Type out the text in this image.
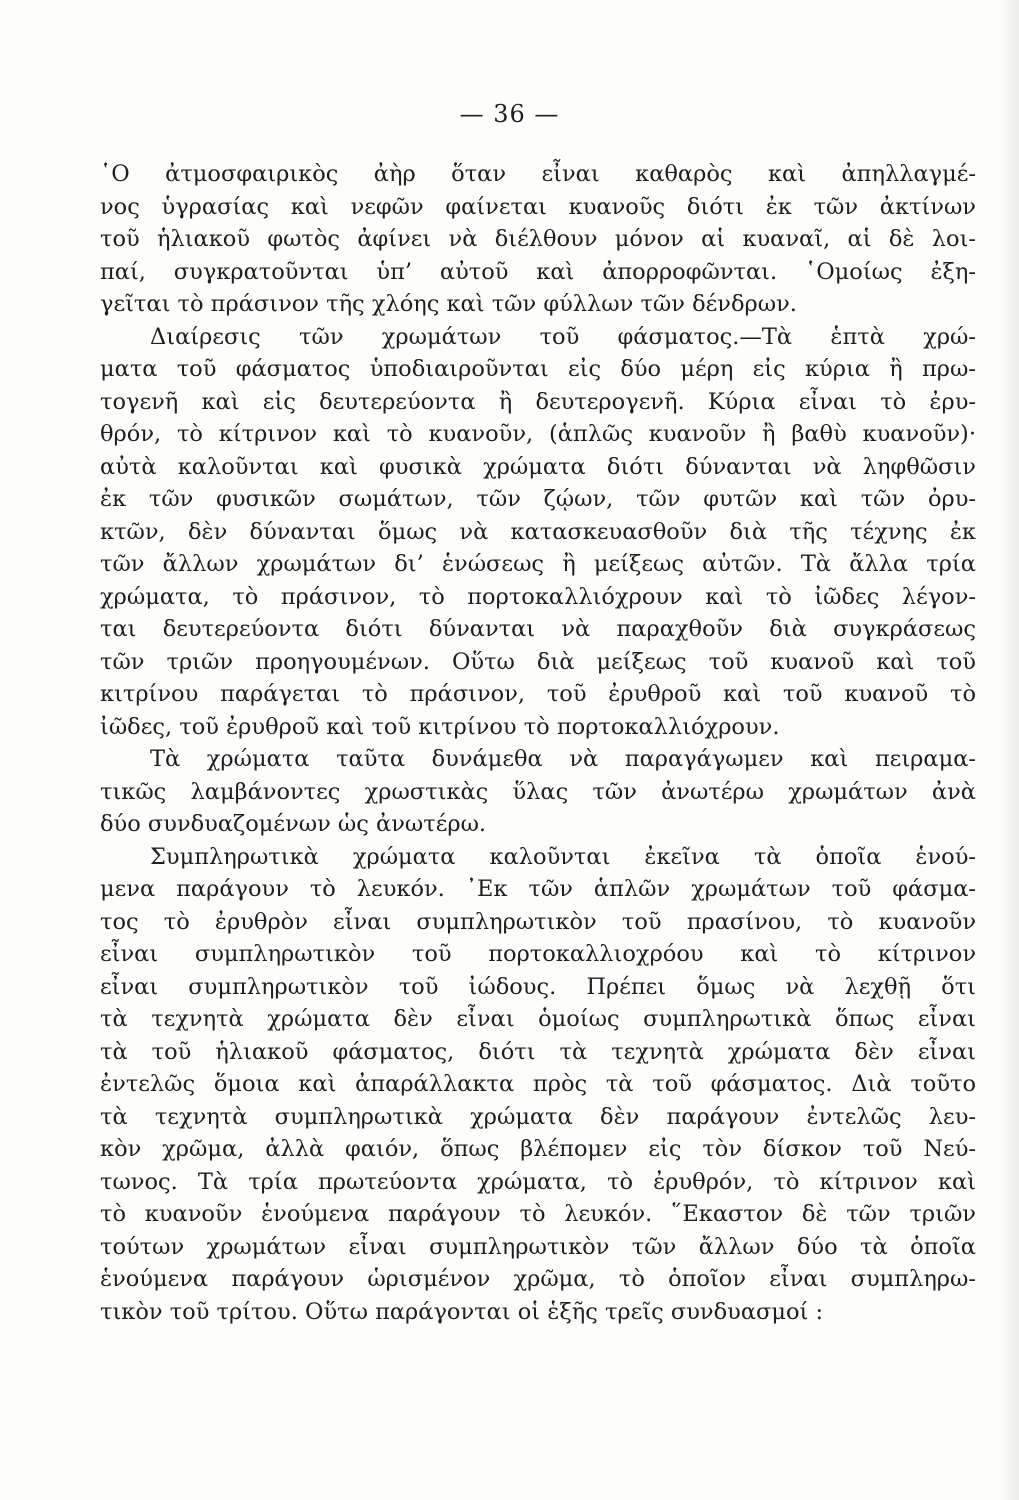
— 36 —
῾Ο ἀτμοσφαιρικὸς ἀὴρ ὅταν εἶναι καθαρὸς καὶ ἀπηλλαγμέ-
νος ὑγρασίας καὶ νεφῶν φαίνεται κυανοῦς διότι ἐκ τῶν ἀκτίνων
τοῦ ἡλιακοῦ φωτὸς ἀφίνει νὰ διέλθουν μόνον αἱ κυαναῖ, αἱ δὲ λοι-
παί, συγκρατοῦνται ὑπ’ αὐτοῦ καὶ ἀπορροφῶνται. ῾Ομοίως ἐξη-
γεῖται τὸ πράσινον τῆς χλόης καὶ τῶν φύλλων τῶν δένδρων.
Διαίρεσις τῶν χρωμάτων τοῦ φάσματος.—Τὰ ἑπτὰ χρώ-
ματα τοῦ φάσματος ὑποδιαιροῦνται εἰς δύο μέρη εἰς κύρια ἢ πρω-
τογενῆ καὶ εἰς δευτερεύοντα ἢ δευτερογενῆ. Κύρια εἶναι τὸ ἐρυ-
θρόν, τὸ κίτρινον καὶ τὸ κυανοῦν, (ἁπλῶς κυανοῦν ἢ βαθὺ κυανοῦν)·
αὐτὰ καλοῦνται καὶ φυσικὰ χρώματα διότι δύνανται νὰ ληφθῶσιν
ἐκ τῶν φυσικῶν σωμάτων, τῶν ζῴων, τῶν φυτῶν καὶ τῶν ὀρυ-
κτῶν, δὲν δύνανται ὅμως νὰ κατασκευασθοῦν διὰ τῆς τέχνης ἐκ
τῶν ἄλλων χρωμάτων δι’ ἑνώσεως ἢ μείξεως αὐτῶν. Τὰ ἄλλα τρία
χρώματα, τὸ πράσινον, τὸ πορτοκαλλιόχρουν καὶ τὸ ἰῶδες λέγον-
ται δευτερεύοντα διότι δύνανται νὰ παραχθοῦν διὰ συγκράσεως
τῶν τριῶν προηγουμένων. Οὕτω διὰ μείξεως τοῦ κυανοῦ καὶ τοῦ
κιτρίνου παράγεται τὸ πράσινον, τοῦ ἐρυθροῦ καὶ τοῦ κυανοῦ τὸ
ἰῶδες, τοῦ ἐρυθροῦ καὶ τοῦ κιτρίνου τὸ πορτοκαλλιόχρουν.
Τὰ χρώματα ταῦτα δυνάμεθα νὰ παραγάγωμεν καὶ πειραμα-
τικῶς λαμβάνοντες χρωστικὰς ὕλας τῶν ἀνωτέρω χρωμάτων ἀνὰ
δύο συνδυαζομένων ὡς ἀνωτέρω.
Συμπληρωτικὰ χρώματα καλοῦνται ἐκεῖνα τὰ ὁποῖα ἑνού-
μενα παράγουν τὸ λευκόν. ᾿Εκ τῶν ἁπλῶν χρωμάτων τοῦ φάσμα-
τος τὸ ἐρυθρὸν εἶναι συμπληρωτικὸν τοῦ πρασίνου, τὸ κυανοῦν
εἶναι συμπληρωτικὸν τοῦ πορτοκαλλιοχρόου καὶ τὸ κίτρινον
εἶναι συμπληρωτικὸν τοῦ ἰώδους. Πρέπει ὅμως νὰ λεχθῇ ὅτι
τὰ τεχνητὰ χρώματα δὲν εἶναι ὁμοίως συμπληρωτικὰ ὅπως εἶναι
τὰ τοῦ ἡλιακοῦ φάσματος, διότι τὰ τεχνητὰ χρώματα δὲν εἶναι
ἐντελῶς ὅμοια καὶ ἀπαράλλακτα πρὸς τὰ τοῦ φάσματος. Διὰ τοῦτο
τὰ τεχνητὰ συμπληρωτικὰ χρώματα δὲν παράγουν ἐντελῶς λευ-
κὸν χρῶμα, ἀλλὰ φαιόν, ὅπως βλέπομεν εἰς τὸν δίσκον τοῦ Νεύ-
τωνος. Τὰ τρία πρωτεύοντα χρώματα, τὸ ἐρυθρόν, τὸ κίτρινον καὶ
τὸ κυανοῦν ἑνούμενα παράγουν τὸ λευκόν. ῞Εκαστον δὲ τῶν τριῶν
τούτων χρωμάτων εἶναι συμπληρωτικὸν τῶν ἄλλων δύο τὰ ὁποῖα
ἑνούμενα παράγουν ὡρισμένον χρῶμα, τὸ ὁποῖον εἶναι συμπληρω-
τικὸν τοῦ τρίτου. Οὕτω παράγονται οἱ ἑξῆς τρεῖς συνδυασμοί :
